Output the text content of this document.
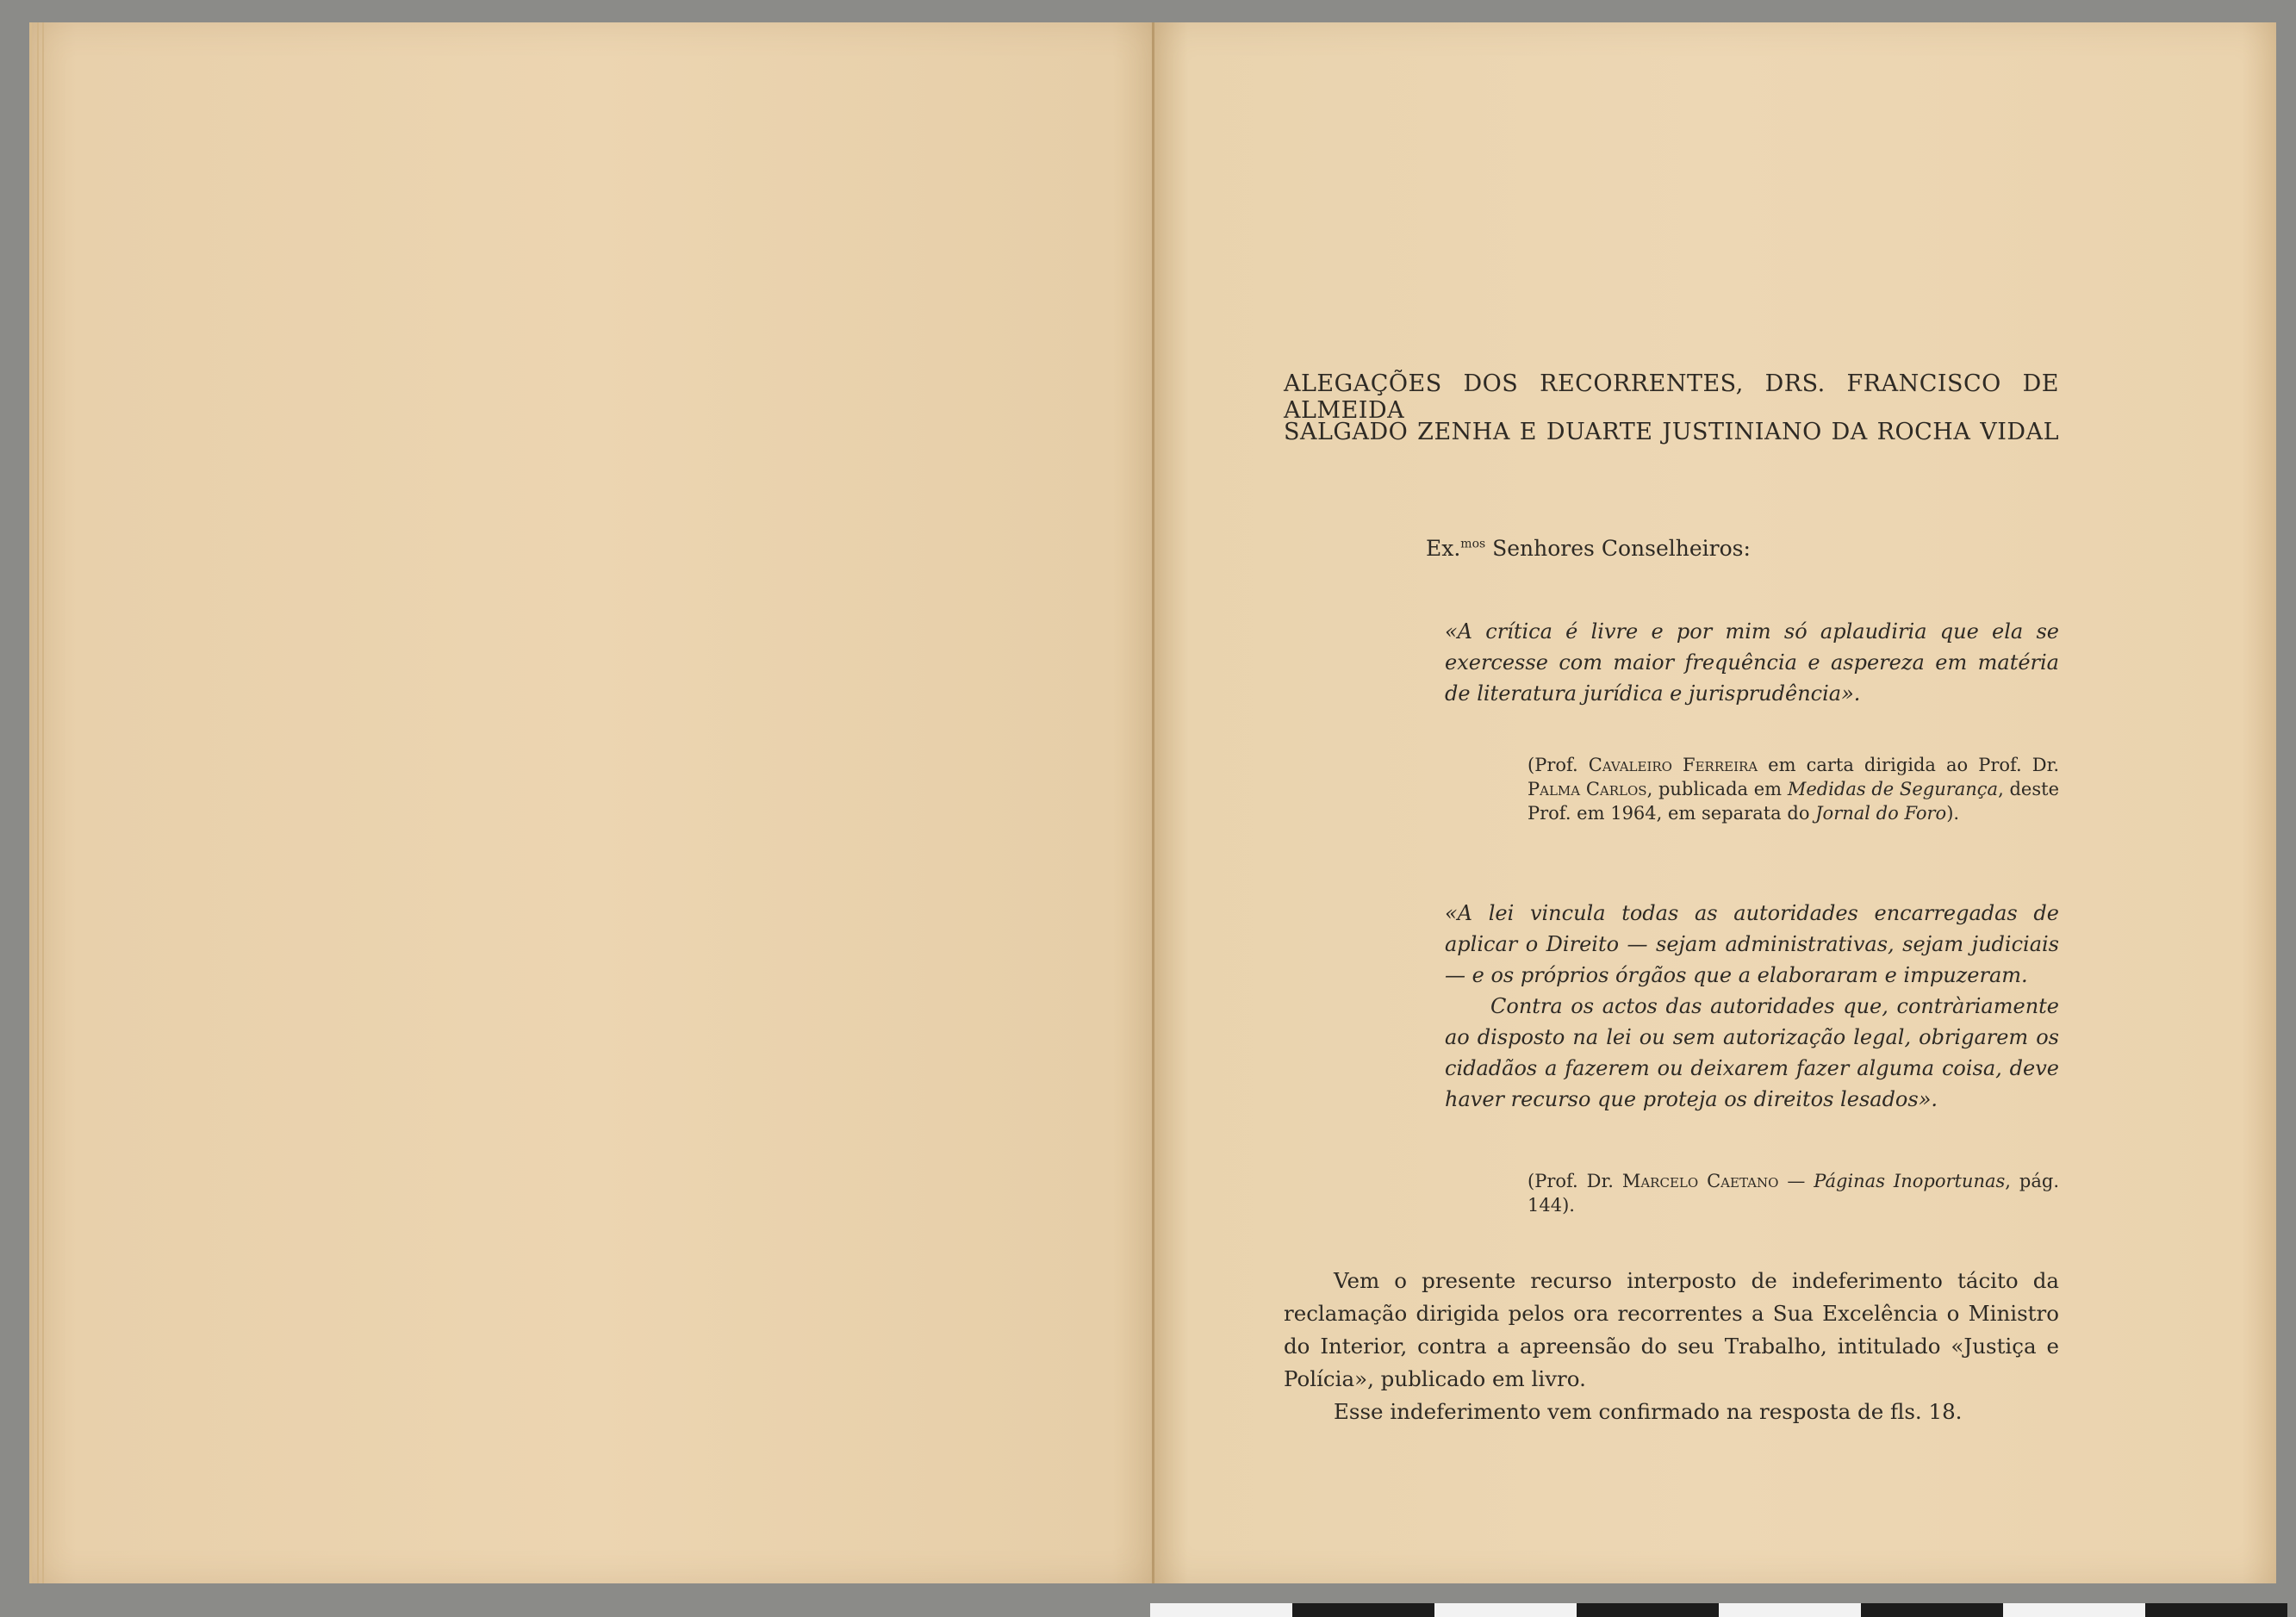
ALEGAÇÕES DOS RECORRENTES, DRS. FRANCISCO DE ALMEIDA
SALGADO ZENHA E DUARTE JUSTINIANO DA ROCHA VIDAL
Ex.$^{mos}$ Senhores Conselheiros:

«A crítica é livre e por mim só aplaudiria que ela se exercesse com maior frequência e aspereza em matéria de literatura jurídica e jurisprudência».

(Prof. Cavaleiro Ferreira em carta dirigida ao Prof. Dr. Palma Carlos, publicada em Medidas de Segurança, deste Prof. em 1964, em separata do Jornal do Foro).

«A lei vincula todas as autoridades encarregadas de aplicar o Direito — sejam administrativas, sejam judiciais — e os próprios órgãos que a elaboraram e impuzeram.

Contra os actos das autoridades que, contràriamente ao disposto na lei ou sem autorização legal, obrigarem os cidadãos a fazerem ou deixarem fazer alguma coisa, deve haver recurso que proteja os direitos lesados».

(Prof. Dr. Marcelo Caetano — Páginas Inoportunas, pág. 144).

Vem o presente recurso interposto de indeferimento tácito da reclamação dirigida pelos ora recorrentes a Sua Excelência o Ministro do Interior, contra a apreensão do seu Trabalho, intitulado «Justiça e Polícia», publicado em livro.

Esse indeferimento vem confirmado na resposta de fls. 18.
